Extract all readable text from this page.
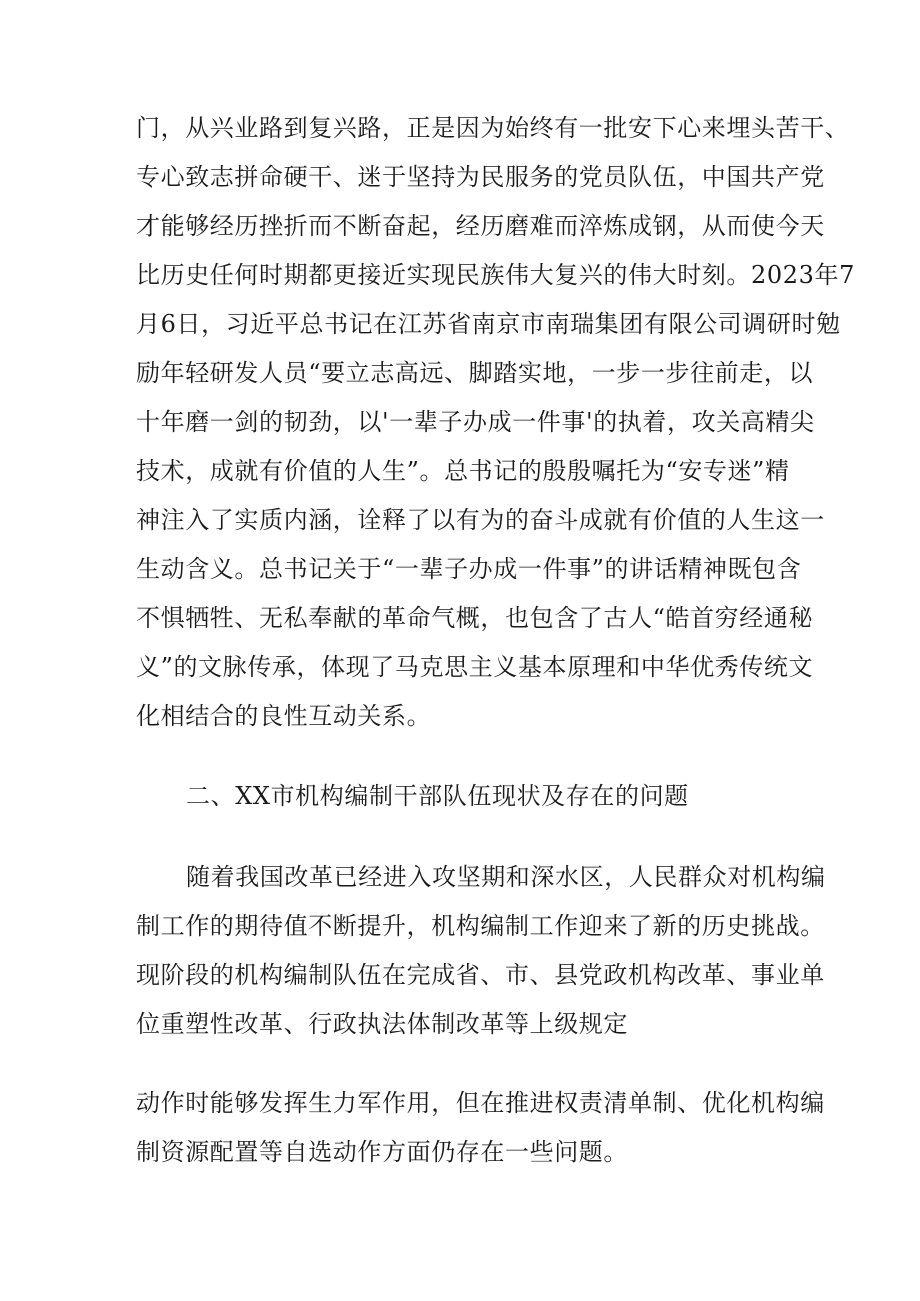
门，从兴业路到复兴路，正是因为始终有一批安下心来埋头苦干、
专心致志拼命硬干、迷于坚持为民服务的党员队伍，中国共产党
才能够经历挫折而不断奋起，经历磨难而淬炼成钢，从而使今天
比历史任何时期都更接近实现民族伟大复兴的伟大时刻。2023年7
月6日，习近平总书记在江苏省南京市南瑞集团有限公司调研时勉
励年轻研发人员“要立志高远、脚踏实地，一步一步往前走，以
十年磨一剑的韧劲，以'一辈子办成一件事'的执着，攻关高精尖
技术，成就有价值的人生”。总书记的殷殷嘱托为“安专迷”精
神注入了实质内涵，诠释了以有为的奋斗成就有价值的人生这一
生动含义。总书记关于“一辈子办成一件事”的讲话精神既包含
不惧牺牲、无私奉献的革命气概，也包含了古人“皓首穷经通秘
义”的文脉传承，体现了马克思主义基本原理和中华优秀传统文
化相结合的良性互动关系。
二、XX市机构编制干部队伍现状及存在的问题
随着我国改革已经进入攻坚期和深水区，人民群众对机构编
制工作的期待值不断提升，机构编制工作迎来了新的历史挑战。
现阶段的机构编制队伍在完成省、市、县党政机构改革、事业单
位重塑性改革、行政执法体制改革等上级规定
动作时能够发挥生力军作用，但在推进权责清单制、优化机构编
制资源配置等自选动作方面仍存在一些问题。
